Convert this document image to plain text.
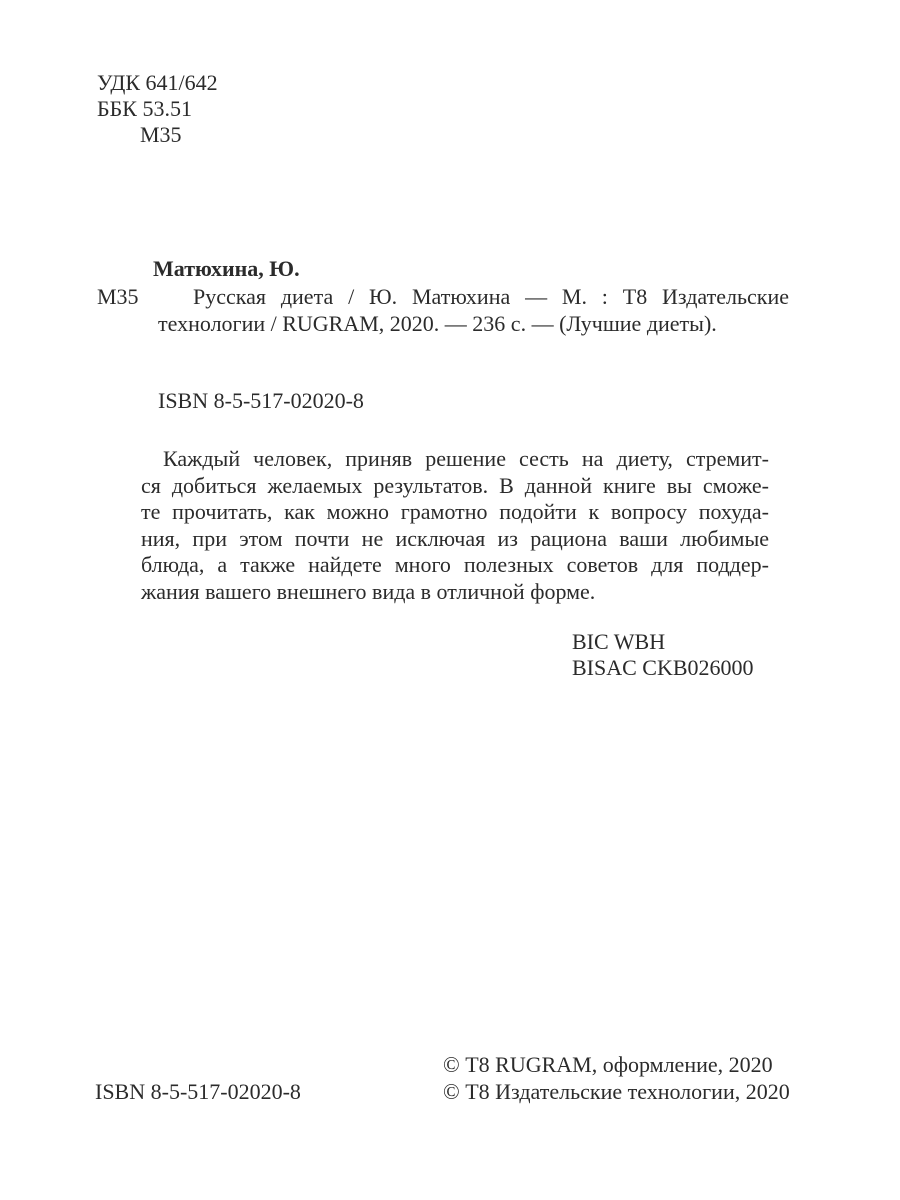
УДК 641/642
ББК 53.51
М35
Матюхина, Ю.
М35	Русская диета / Ю. Матюхина — М. : Т8 Издательские
технологии / RUGRAM, 2020. — 236 с. — (Лучшие диеты).
ISBN 8-5-517-02020-8
Каждый человек, приняв решение сесть на диету, стремит-
ся добиться желаемых результатов. В данной книге вы сможе-
те прочитать, как можно грамотно подойти к вопросу похуда-
ния, при этом почти не исключая из рациона ваши любимые
блюда, а также найдете много полезных советов для поддер-
жания вашего внешнего вида в отличной форме.
BIC WBH
BISAC CKB026000
ISBN 8-5-517-02020-8
© Т8 RUGRAM, оформление, 2020
© Т8 Издательские технологии, 2020
